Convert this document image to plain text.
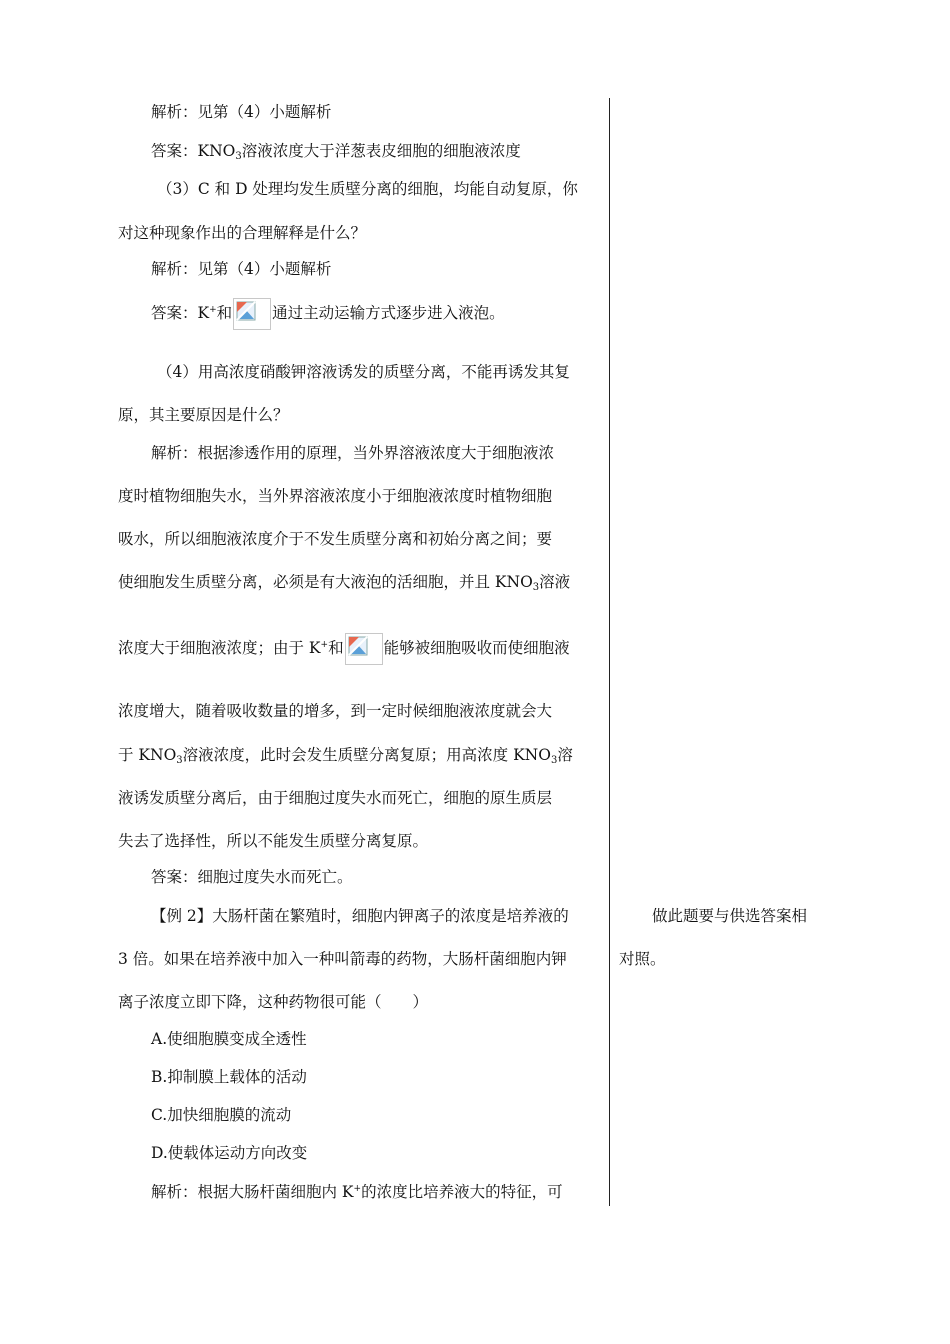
解析：见第（4）小题解析
答案：$KNO_3$溶液浓度大于洋葱表皮细胞的细胞液浓度
（3）C 和 D 处理均发生质壁分离的细胞，均能自动复原，你
对这种现象作出的合理解释是什么？
解析：见第（4）小题解析
答案：K+和	通过主动运输方式逐步进入液泡。
（4）用高浓度硝酸钾溶液诱发的质壁分离，不能再诱发其复
原，其主要原因是什么？
解析：根据渗透作用的原理，当外界溶液浓度大于细胞液浓
度时植物细胞失水，当外界溶液浓度小于细胞液浓度时植物细胞
吸水，所以细胞液浓度介于不发生质壁分离和初始分离之间；要
使细胞发生质壁分离，必须是有大液泡的活细胞，并且 $KNO_3$溶液
浓度大于细胞液浓度；由于 K+和	能够被细胞吸收而使细胞液
浓度增大，随着吸收数量的增多，到一定时候细胞液浓度就会大
于 $KNO_3$溶液浓度，此时会发生质壁分离复原；用高浓度 $KNO_3$溶
液诱发质壁分离后，由于细胞过度失水而死亡，细胞的原生质层
失去了选择性，所以不能发生质壁分离复原。
答案：细胞过度失水而死亡。
【例 2】大肠杆菌在繁殖时，细胞内钾离子的浓度是培养液的
3 倍。如果在培养液中加入一种叫箭毒的药物，大肠杆菌细胞内钾
离子浓度立即下降，这种药物很可能（　　）
A.使细胞膜变成全透性
B.抑制膜上载体的活动
C.加快细胞膜的流动
D.使载体运动方向改变
解析：根据大肠杆菌细胞内 K+的浓度比培养液大的特征，可
做此题要与供选答案相
对照。
